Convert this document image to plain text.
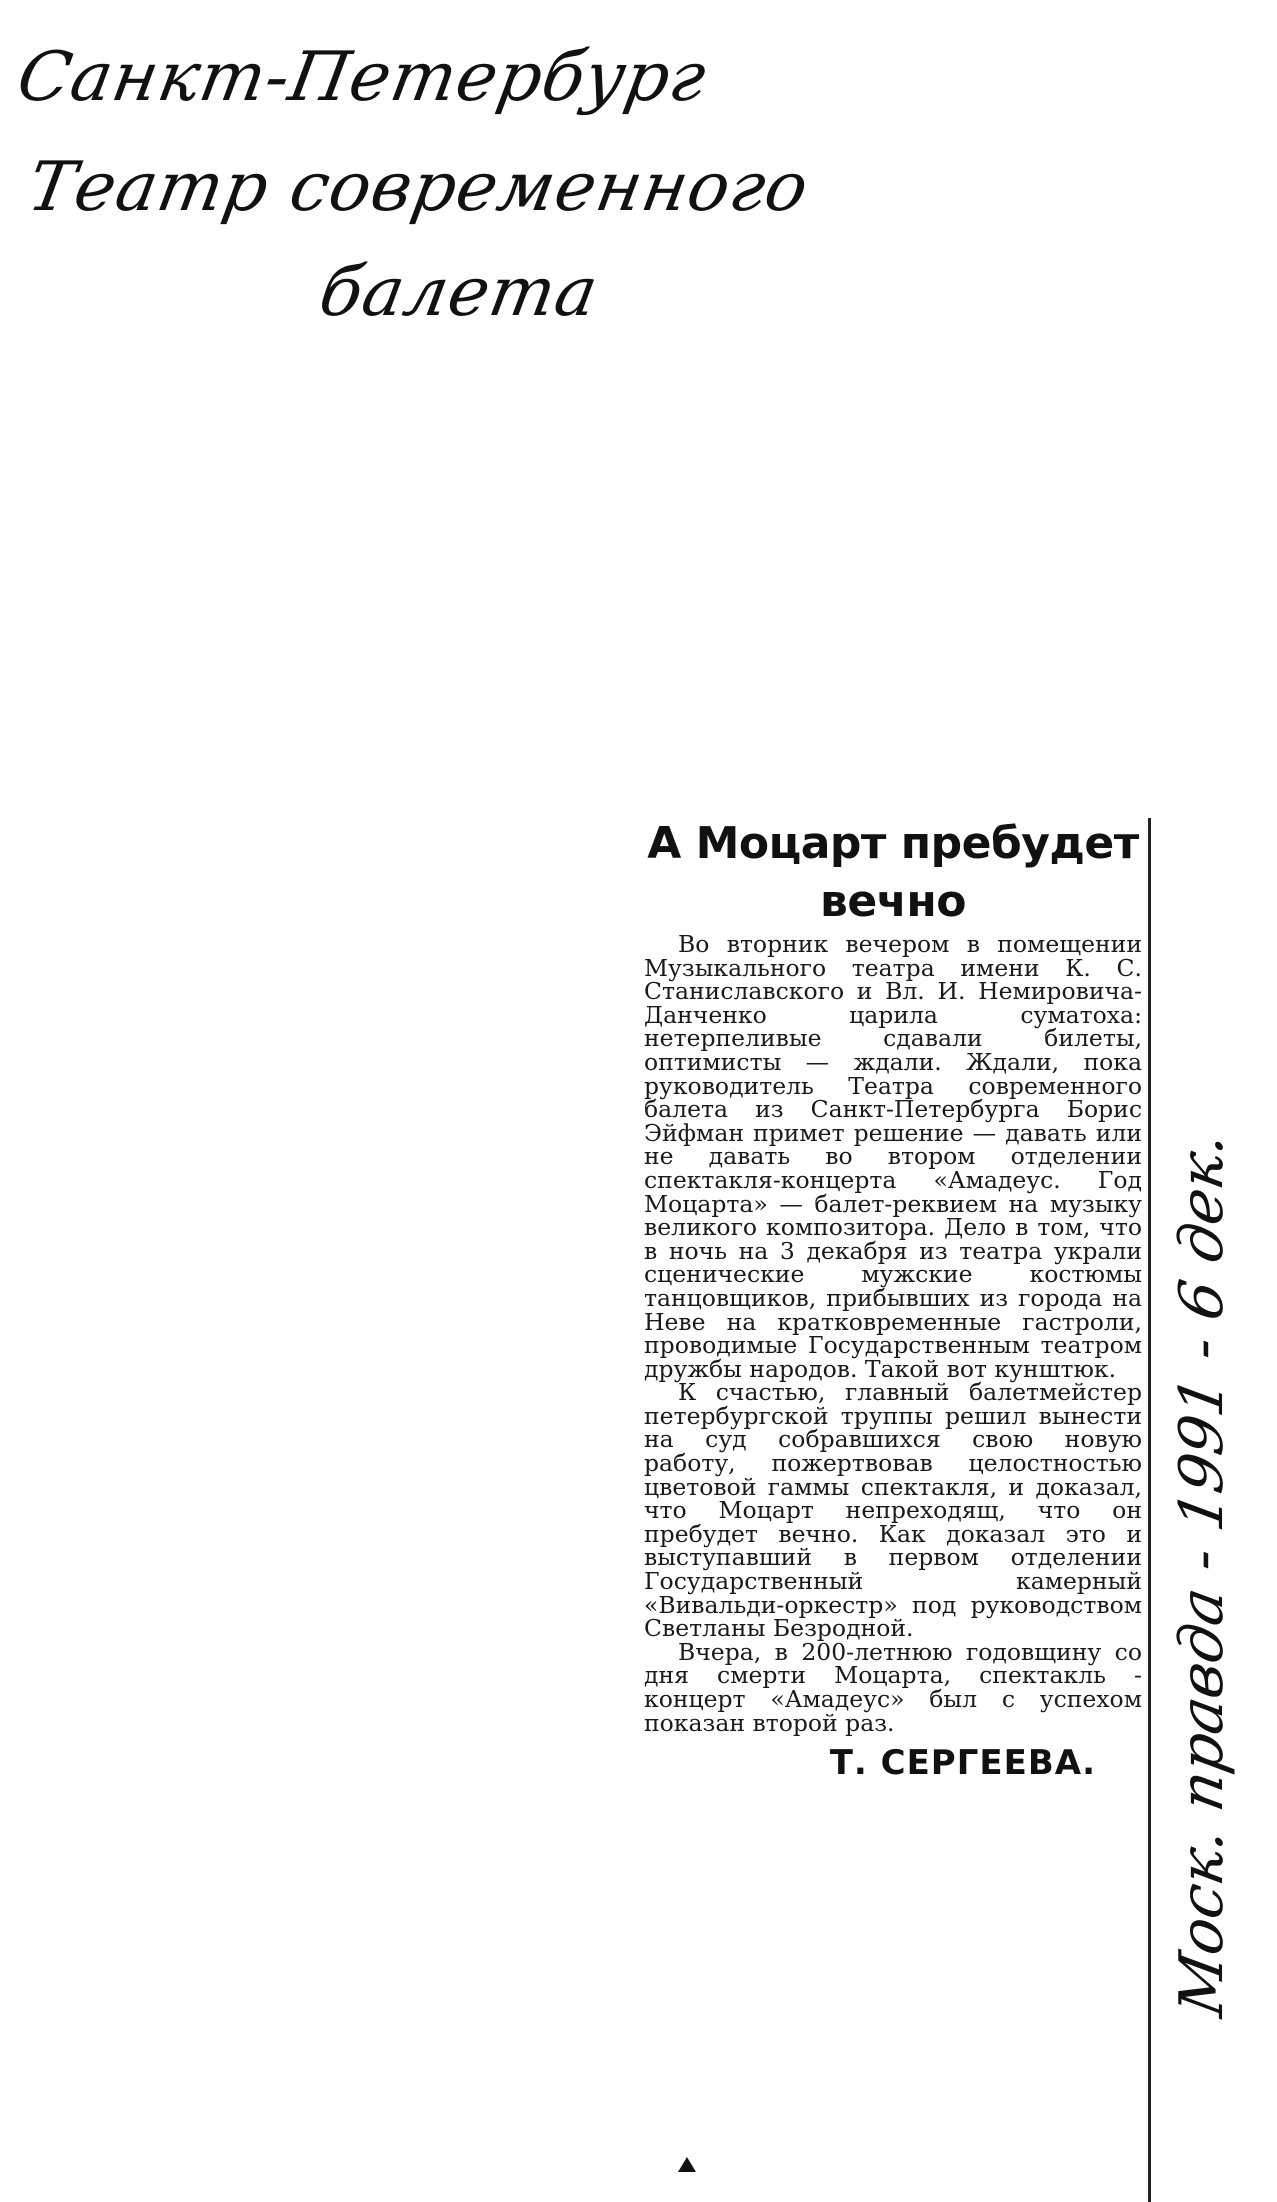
Санкт-Петербург
Театр современного
балета
А Моцарт пребудет
вечно

Во вторник вечером в помещении Музыкального театра имени К. С. Станиславского и Вл. И. Немировича-Данченко царила суматоха: нетерпеливые сдавали билеты, оптимисты — ждали. Ждали, пока руководитель Театра современного балета из Санкт-Петербурга Борис Эйфман примет решение — давать или не давать во втором отделении спектакля-концерта «Амадеус. Год Моцарта» — балет-реквием на музыку великого композитора. Дело в том, что в ночь на 3 декабря из театра украли сценические мужские костюмы танцовщиков, прибывших из города на Неве на кратковременные гастроли, проводимые Государственным театром дружбы народов. Такой вот кунштюк.

К счастью, главный балетмейстер петербургской труппы решил вынести на суд собравшихся свою новую работу, пожертвовав целостностью цветовой гаммы спектакля, и доказал, что Моцарт непреходящ, что он пребудет вечно. Как доказал это и выступавший в первом отделении Государственный камерный «Вивальди-оркестр» под руководством Светланы Безродной.

Вчера, в 200-летнюю годовщину со дня смерти Моцарта, спектакль - концерт «Амадеус» был с успехом показан второй раз.

Т. СЕРГЕЕВА.	Моск. правда - 1991 - 6 дек.
